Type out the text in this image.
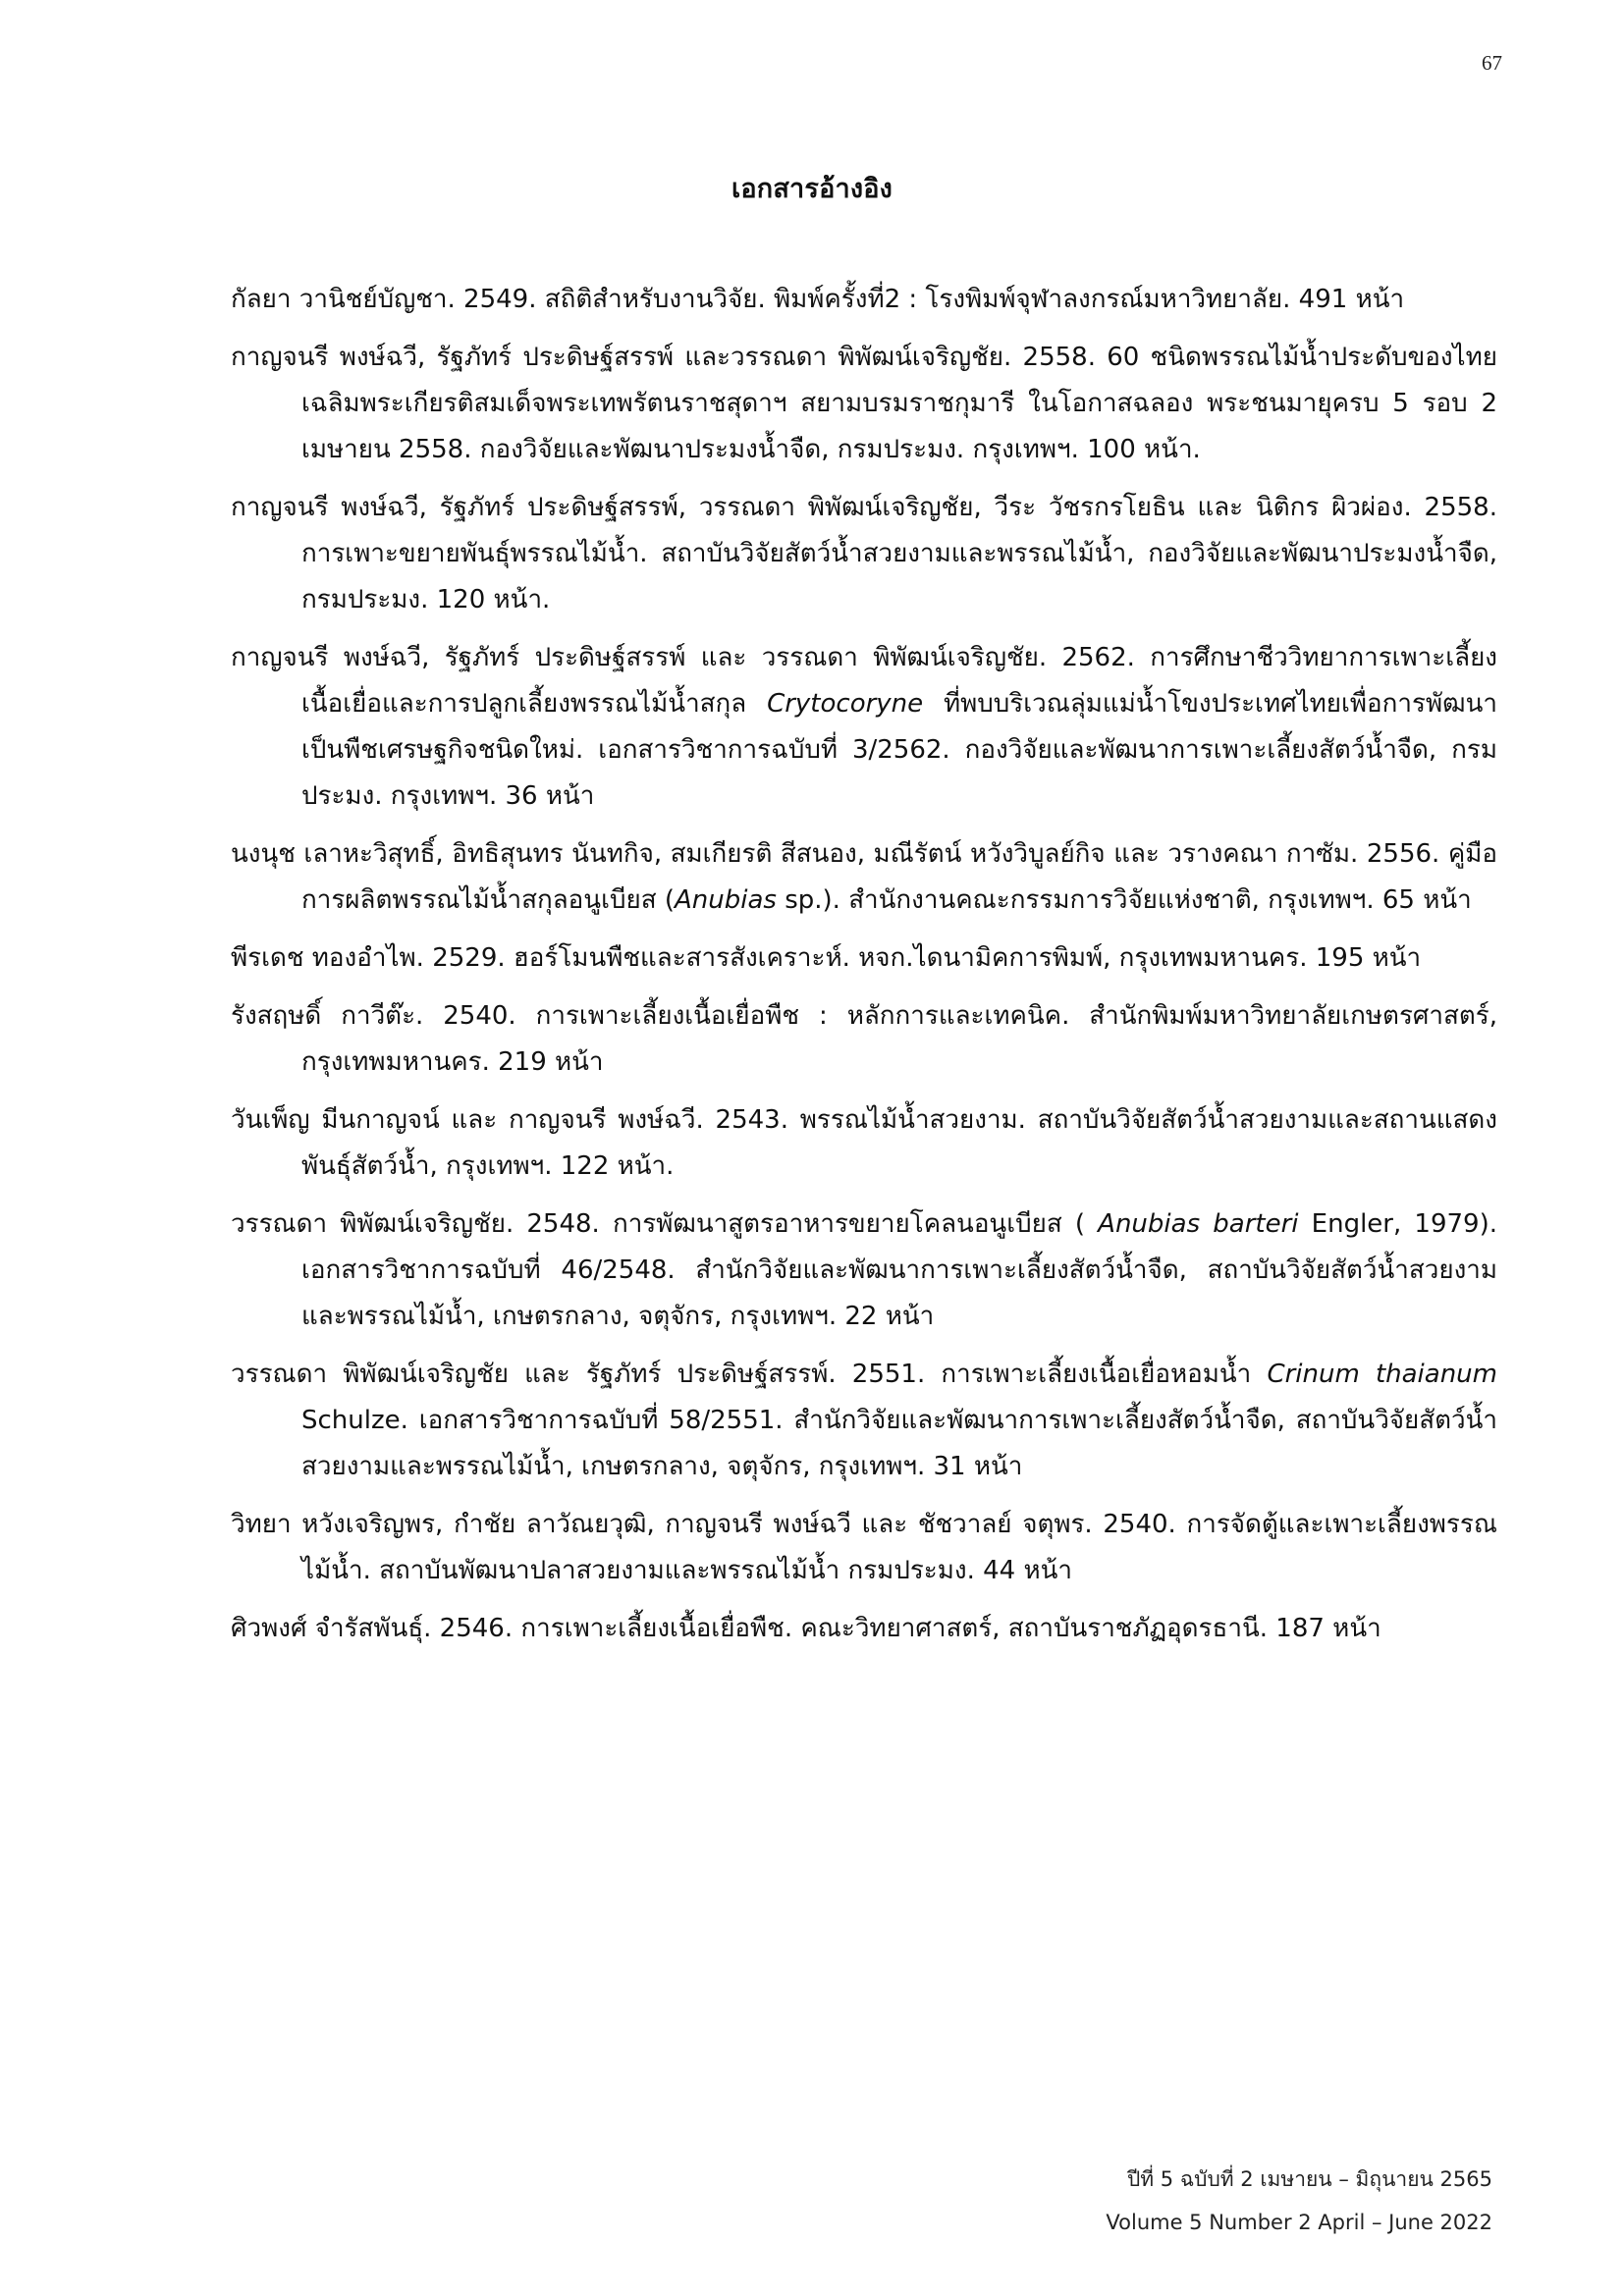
67
เอกสารอ้างอิง
กัลยา วานิชย์บัญชา. 2549. สถิติสำหรับงานวิจัย. พิมพ์ครั้งที่2 : โรงพิมพ์จุฬาลงกรณ์มหาวิทยาลัย. 491 หน้า
กาญจนรี พงษ์ฉวี, รัฐภัทร์ ประดิษฐ์สรรพ์ และวรรณดา พิพัฒน์เจริญชัย. 2558. 60 ชนิดพรรณไม้น้ำประดับของไทยเฉลิมพระเกียรติสมเด็จพระเทพรัตนราชสุดาฯ สยามบรมราชกุมารี ในโอกาสฉลอง พระชนมายุครบ 5 รอบ 2 เมษายน 2558. กองวิจัยและพัฒนาประมงน้ำจืด, กรมประมง. กรุงเทพฯ. 100 หน้า.
กาญจนรี พงษ์ฉวี, รัฐภัทร์ ประดิษฐ์สรรพ์, วรรณดา พิพัฒน์เจริญชัย, วีระ วัชรกรโยธิน และ นิติกร ผิวผ่อง. 2558. การเพาะขยายพันธุ์พรรณไม้น้ำ. สถาบันวิจัยสัตว์น้ำสวยงามและพรรณไม้น้ำ, กองวิจัยและพัฒนาประมงน้ำจืด, กรมประมง. 120 หน้า.
กาญจนรี พงษ์ฉวี, รัฐภัทร์ ประดิษฐ์สรรพ์ และ วรรณดา พิพัฒน์เจริญชัย. 2562. การศึกษาชีววิทยาการเพาะเลี้ยงเนื้อเยื่อและการปลูกเลี้ยงพรรณไม้น้ำสกุล Crytocoryne ที่พบบริเวณลุ่มแม่น้ำโขงประเทศไทยเพื่อการพัฒนาเป็นพืชเศรษฐกิจชนิดใหม่. เอกสารวิชาการฉบับที่ 3/2562. กองวิจัยและพัฒนาการเพาะเลี้ยงสัตว์น้ำจืด, กรมประมง. กรุงเทพฯ. 36 หน้า
นงนุช เลาหะวิสุทธิ์, อิทธิสุนทร นันทกิจ, สมเกียรติ สีสนอง, มณีรัตน์ หวังวิบูลย์กิจ และ วรางคณา กาซัม. 2556. คู่มือการผลิตพรรณไม้น้ำสกุลอนูเบียส (Anubias sp.). สำนักงานคณะกรรมการวิจัยแห่งชาติ, กรุงเทพฯ. 65 หน้า
พีรเดช ทองอำไพ. 2529. ฮอร์โมนพืชและสารสังเคราะห์. หจก.ไดนามิคการพิมพ์, กรุงเทพมหานคร. 195 หน้า
รังสฤษดิ์ กาวีต๊ะ. 2540. การเพาะเลี้ยงเนื้อเยื่อพืช : หลักการและเทคนิค. สำนักพิมพ์มหาวิทยาลัยเกษตรศาสตร์, กรุงเทพมหานคร. 219 หน้า
วันเพ็ญ มีนกาญจน์ และ กาญจนรี พงษ์ฉวี. 2543. พรรณไม้น้ำสวยงาม. สถาบันวิจัยสัตว์น้ำสวยงามและสถานแสดงพันธุ์สัตว์น้ำ, กรุงเทพฯ. 122 หน้า.
วรรณดา พิพัฒน์เจริญชัย. 2548. การพัฒนาสูตรอาหารขยายโคลนอนูเบียส ( Anubias barteri Engler, 1979). เอกสารวิชาการฉบับที่ 46/2548. สำนักวิจัยและพัฒนาการเพาะเลี้ยงสัตว์น้ำจืด, สถาบันวิจัยสัตว์น้ำสวยงามและพรรณไม้น้ำ, เกษตรกลาง, จตุจักร, กรุงเทพฯ. 22 หน้า
วรรณดา พิพัฒน์เจริญชัย และ รัฐภัทร์ ประดิษฐ์สรรพ์. 2551. การเพาะเลี้ยงเนื้อเยื่อหอมน้ำ Crinum thaianum Schulze. เอกสารวิชาการฉบับที่ 58/2551. สำนักวิจัยและพัฒนาการเพาะเลี้ยงสัตว์น้ำจืด, สถาบันวิจัยสัตว์น้ำสวยงามและพรรณไม้น้ำ, เกษตรกลาง, จตุจักร, กรุงเทพฯ. 31 หน้า
วิทยา หวังเจริญพร, กำชัย ลาวัณยวุฒิ, กาญจนรี พงษ์ฉวี และ ชัชวาลย์ จตุพร. 2540. การจัดตู้และเพาะเลี้ยงพรรณไม้น้ำ. สถาบันพัฒนาปลาสวยงามและพรรณไม้น้ำ กรมประมง. 44 หน้า
ศิวพงศ์ จำรัสพันธุ์. 2546. การเพาะเลี้ยงเนื้อเยื่อพืช. คณะวิทยาศาสตร์, สถาบันราชภัฏอุดรธานี. 187 หน้า
ปีที่ 5 ฉบับที่ 2 เมษายน – มิถุนายน 2565
Volume 5 Number 2 April – June 2022
